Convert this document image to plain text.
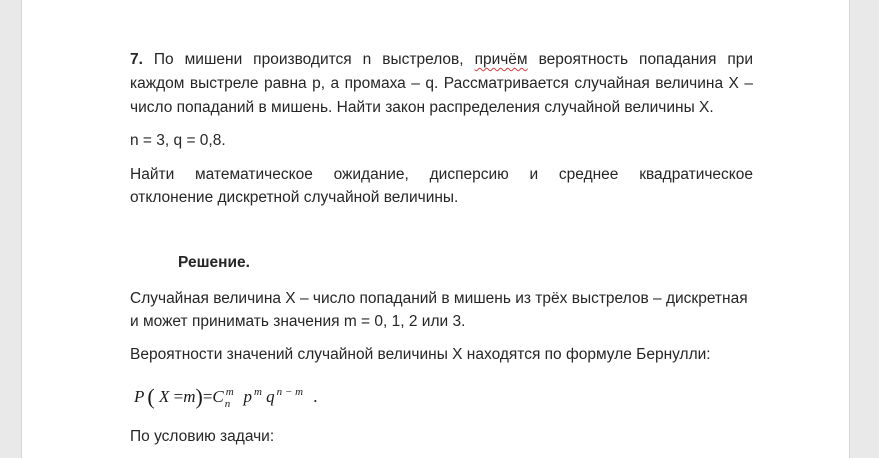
7. По мишени производится n выстрелов, причём вероятность попадания при
каждом выстреле равна p, а промаха – q. Рассматривается случайная величина X –
число попаданий в мишень. Найти закон распределения случайной величины X.
n = 3, q = 0,8.
Найти математическое ожидание, дисперсию и среднее квадратическое
отклонение дискретной случайной величины.
Решение.
Случайная величина X – число попаданий в мишень из трёх выстрелов – дискретная
и может принимать значения m = 0, 1, 2 или 3.
Вероятности значений случайной величины X находятся по формуле Бернулли:
P ( X =m)=C $^m_n$ p $^m$ q $^{n - m}$ .
По условию задачи:
